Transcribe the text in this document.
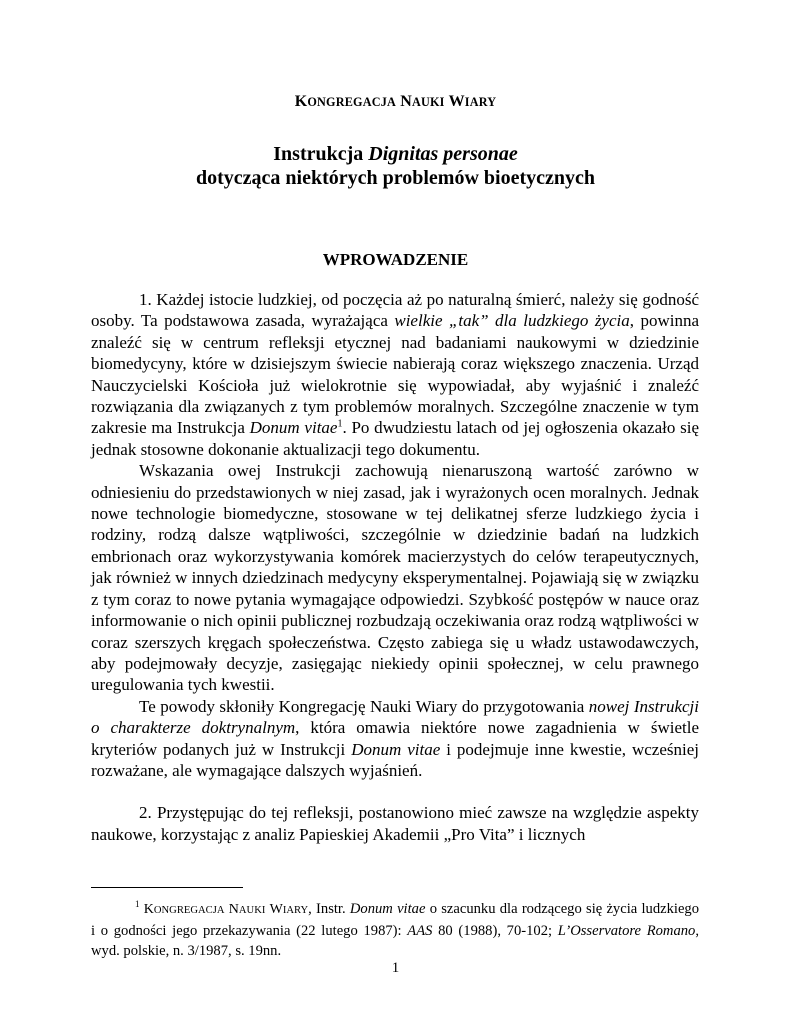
KONGREGACJA NAUKI WIARY
Instrukcja Dignitas personae
dotycząca niektórych problemów bioetycznych
WPROWADZENIE

1. Każdej istocie ludzkiej, od poczęcia aż po naturalną śmierć, należy się godność osoby. Ta podstawowa zasada, wyrażająca wielkie „tak” dla ludzkiego życia, powinna znaleźć się w centrum refleksji etycznej nad badaniami naukowymi w dziedzinie biomedycyny, które w dzisiejszym świecie nabierają coraz większego znaczenia. Urząd Nauczycielski Kościoła już wielokrotnie się wypowiadał, aby wyjaśnić i znaleźć rozwiązania dla związanych z tym problemów moralnych. Szczególne znaczenie w tym zakresie ma Instrukcja Donum vitae$^1$. Po dwudziestu latach od jej ogłoszenia okazało się jednak stosowne dokonanie aktualizacji tego dokumentu.

Wskazania owej Instrukcji zachowują nienaruszoną wartość zarówno w odniesieniu do przedstawionych w niej zasad, jak i wyrażonych ocen moralnych. Jednak nowe technologie biomedyczne, stosowane w tej delikatnej sferze ludzkiego życia i rodziny, rodzą dalsze wątpliwości, szczególnie w dziedzinie badań na ludzkich embrionach oraz wykorzystywania komórek macierzystych do celów terapeutycznych, jak również w innych dziedzinach medycyny eksperymentalnej. Pojawiają się w związku z tym coraz to nowe pytania wymagające odpowiedzi. Szybkość postępów w nauce oraz informowanie o nich opinii publicznej rozbudzają oczekiwania oraz rodzą wątpliwości w coraz szerszych kręgach społeczeństwa. Często zabiega się u władz ustawodawczych, aby podejmowały decyzje, zasięgając niekiedy opinii społecznej, w celu prawnego uregulowania tych kwestii.

Te powody skłoniły Kongregację Nauki Wiary do przygotowania nowej Instrukcji o charakterze doktrynalnym, która omawia niektóre nowe zagadnienia w świetle kryteriów podanych już w Instrukcji Donum vitae i podejmuje inne kwestie, wcześniej rozważane, ale wymagające dalszych wyjaśnień.

2. Przystępując do tej refleksji, postanowiono mieć zawsze na względzie aspekty naukowe, korzystając z analiz Papieskiej Akademii „Pro Vita” i licznych

$^1$ KONGREGACJA NAUKI WIARY, Instr. Donum vitae o szacunku dla rodzącego się życia ludzkiego i o godności jego przekazywania (22 lutego 1987): AAS 80 (1988), 70-102; L’Osservatore Romano, wyd. polskie, n. 3/1987, s. 19nn.
1
